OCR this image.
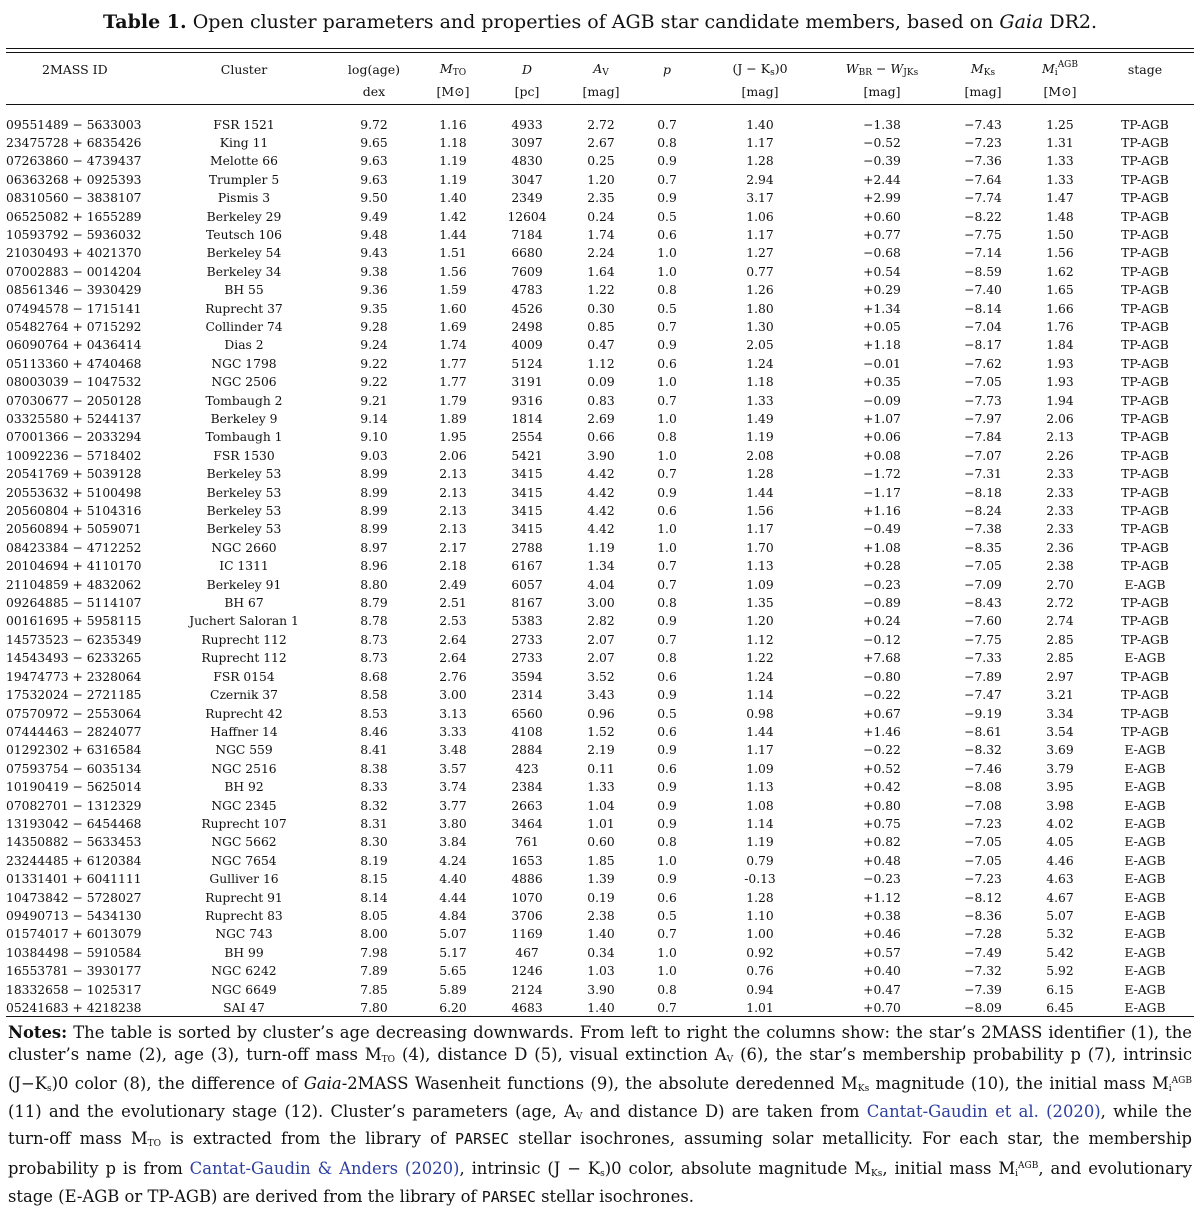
Table 1. Open cluster parameters and properties of AGB star candidate members, based on Gaia DR2.
2MASS ID	Cluster	log(age)	$M_{TO}$	D	$A_V$	p	$(J - K_s)0$	$W_{BR} - W_{JKs}$	$M_{Ks}$	$M_i^{AGB}$	stage
		dex	[M⊙]	[pc]	[mag]		[mag]	[mag]	[mag]	[M⊙]	
09551489 − 5633003	FSR 1521	9.72	1.16	4933	2.72	0.7	1.40	−1.38	−7.43	1.25	TP-AGB
23475728 + 6835426	King 11	9.65	1.18	3097	2.67	0.8	1.17	−0.52	−7.23	1.31	TP-AGB
07263860 − 4739437	Melotte 66	9.63	1.19	4830	0.25	0.9	1.28	−0.39	−7.36	1.33	TP-AGB
06363268 + 0925393	Trumpler 5	9.63	1.19	3047	1.20	0.7	2.94	+2.44	−7.64	1.33	TP-AGB
08310560 − 3838107	Pismis 3	9.50	1.40	2349	2.35	0.9	3.17	+2.99	−7.74	1.47	TP-AGB
06525082 + 1655289	Berkeley 29	9.49	1.42	12604	0.24	0.5	1.06	+0.60	−8.22	1.48	TP-AGB
10593792 − 5936032	Teutsch 106	9.48	1.44	7184	1.74	0.6	1.17	+0.77	−7.75	1.50	TP-AGB
21030493 + 4021370	Berkeley 54	9.43	1.51	6680	2.24	1.0	1.27	−0.68	−7.14	1.56	TP-AGB
07002883 − 0014204	Berkeley 34	9.38	1.56	7609	1.64	1.0	0.77	+0.54	−8.59	1.62	TP-AGB
08561346 − 3930429	BH 55	9.36	1.59	4783	1.22	0.8	1.26	+0.29	−7.40	1.65	TP-AGB
07494578 − 1715141	Ruprecht 37	9.35	1.60	4526	0.30	0.5	1.80	+1.34	−8.14	1.66	TP-AGB
05482764 + 0715292	Collinder 74	9.28	1.69	2498	0.85	0.7	1.30	+0.05	−7.04	1.76	TP-AGB
06090764 + 0436414	Dias 2	9.24	1.74	4009	0.47	0.9	2.05	+1.18	−8.17	1.84	TP-AGB
05113360 + 4740468	NGC 1798	9.22	1.77	5124	1.12	0.6	1.24	−0.01	−7.62	1.93	TP-AGB
08003039 − 1047532	NGC 2506	9.22	1.77	3191	0.09	1.0	1.18	+0.35	−7.05	1.93	TP-AGB
07030677 − 2050128	Tombaugh 2	9.21	1.79	9316	0.83	0.7	1.33	−0.09	−7.73	1.94	TP-AGB
03325580 + 5244137	Berkeley 9	9.14	1.89	1814	2.69	1.0	1.49	+1.07	−7.97	2.06	TP-AGB
07001366 − 2033294	Tombaugh 1	9.10	1.95	2554	0.66	0.8	1.19	+0.06	−7.84	2.13	TP-AGB
10092236 − 5718402	FSR 1530	9.03	2.06	5421	3.90	1.0	2.08	+0.08	−7.07	2.26	TP-AGB
20541769 + 5039128	Berkeley 53	8.99	2.13	3415	4.42	0.7	1.28	−1.72	−7.31	2.33	TP-AGB
20553632 + 5100498	Berkeley 53	8.99	2.13	3415	4.42	0.9	1.44	−1.17	−8.18	2.33	TP-AGB
20560804 + 5104316	Berkeley 53	8.99	2.13	3415	4.42	0.6	1.56	+1.16	−8.24	2.33	TP-AGB
20560894 + 5059071	Berkeley 53	8.99	2.13	3415	4.42	1.0	1.17	−0.49	−7.38	2.33	TP-AGB
08423384 − 4712252	NGC 2660	8.97	2.17	2788	1.19	1.0	1.70	+1.08	−8.35	2.36	TP-AGB
20104694 + 4110170	IC 1311	8.96	2.18	6167	1.34	0.7	1.13	+0.28	−7.05	2.38	TP-AGB
21104859 + 4832062	Berkeley 91	8.80	2.49	6057	4.04	0.7	1.09	−0.23	−7.09	2.70	E-AGB
09264885 − 5114107	BH 67	8.79	2.51	8167	3.00	0.8	1.35	−0.89	−8.43	2.72	TP-AGB
00161695 + 5958115	Juchert Saloran 1	8.78	2.53	5383	2.82	0.9	1.20	+0.24	−7.60	2.74	TP-AGB
14573523 − 6235349	Ruprecht 112	8.73	2.64	2733	2.07	0.7	1.12	−0.12	−7.75	2.85	TP-AGB
14543493 − 6233265	Ruprecht 112	8.73	2.64	2733	2.07	0.8	1.22	+7.68	−7.33	2.85	E-AGB
19474773 + 2328064	FSR 0154	8.68	2.76	3594	3.52	0.6	1.24	−0.80	−7.89	2.97	TP-AGB
17532024 − 2721185	Czernik 37	8.58	3.00	2314	3.43	0.9	1.14	−0.22	−7.47	3.21	TP-AGB
07570972 − 2553064	Ruprecht 42	8.53	3.13	6560	0.96	0.5	0.98	+0.67	−9.19	3.34	TP-AGB
07444463 − 2824077	Haffner 14	8.46	3.33	4108	1.52	0.6	1.44	+1.46	−8.61	3.54	TP-AGB
01292302 + 6316584	NGC 559	8.41	3.48	2884	2.19	0.9	1.17	−0.22	−8.32	3.69	E-AGB
07593754 − 6035134	NGC 2516	8.38	3.57	423	0.11	0.6	1.09	+0.52	−7.46	3.79	E-AGB
10190419 − 5625014	BH 92	8.33	3.74	2384	1.33	0.9	1.13	+0.42	−8.08	3.95	E-AGB
07082701 − 1312329	NGC 2345	8.32	3.77	2663	1.04	0.9	1.08	+0.80	−7.08	3.98	E-AGB
13193042 − 6454468	Ruprecht 107	8.31	3.80	3464	1.01	0.9	1.14	+0.75	−7.23	4.02	E-AGB
14350882 − 5633453	NGC 5662	8.30	3.84	761	0.60	0.8	1.19	+0.82	−7.05	4.05	E-AGB
23244485 + 6120384	NGC 7654	8.19	4.24	1653	1.85	1.0	0.79	+0.48	−7.05	4.46	E-AGB
01331401 + 6041111	Gulliver 16	8.15	4.40	4886	1.39	0.9	-0.13	−0.23	−7.23	4.63	E-AGB
10473842 − 5728027	Ruprecht 91	8.14	4.44	1070	0.19	0.6	1.28	+1.12	−8.12	4.67	E-AGB
09490713 − 5434130	Ruprecht 83	8.05	4.84	3706	2.38	0.5	1.10	+0.38	−8.36	5.07	E-AGB
01574017 + 6013079	NGC 743	8.00	5.07	1169	1.40	0.7	1.00	+0.46	−7.28	5.32	E-AGB
10384498 − 5910584	BH 99	7.98	5.17	467	0.34	1.0	0.92	+0.57	−7.49	5.42	E-AGB
16553781 − 3930177	NGC 6242	7.89	5.65	1246	1.03	1.0	0.76	+0.40	−7.32	5.92	E-AGB
18332658 − 1025317	NGC 6649	7.85	5.89	2124	3.90	0.8	0.94	+0.47	−7.39	6.15	E-AGB
05241683 + 4218238	SAI 47	7.80	6.20	4683	1.40	0.7	1.01	+0.70	−8.09	6.45	E-AGB
Notes: The table is sorted by cluster’s age decreasing downwards. From left to right the columns show: the star’s 2MASS identifier (1), the cluster’s name (2), age (3), turn-off mass $M_{TO}$ (4), distance D (5), visual extinction $A_V$ (6), the star’s membership probability p (7), intrinsic $(J-K_s)0$ color (8), the difference of Gaia-2MASS Wasenheit functions (9), the absolute deredenned $M_{Ks}$ magnitude (10), the initial mass $M_i^{AGB}$ (11) and the evolutionary stage (12). Cluster’s parameters (age, $A_V$ and distance D) are taken from Cantat-Gaudin et al. (2020), while the turn-off mass $M_{TO}$ is extracted from the library of PARSEC stellar isochrones, assuming solar metallicity. For each star, the membership probability p is from Cantat-Gaudin & Anders (2020), intrinsic $(J - K_s)0$ color, absolute magnitude $M_{Ks}$, initial mass $M_i^{AGB}$, and evolutionary stage (E-AGB or TP-AGB) are derived from the library of PARSEC stellar isochrones.
